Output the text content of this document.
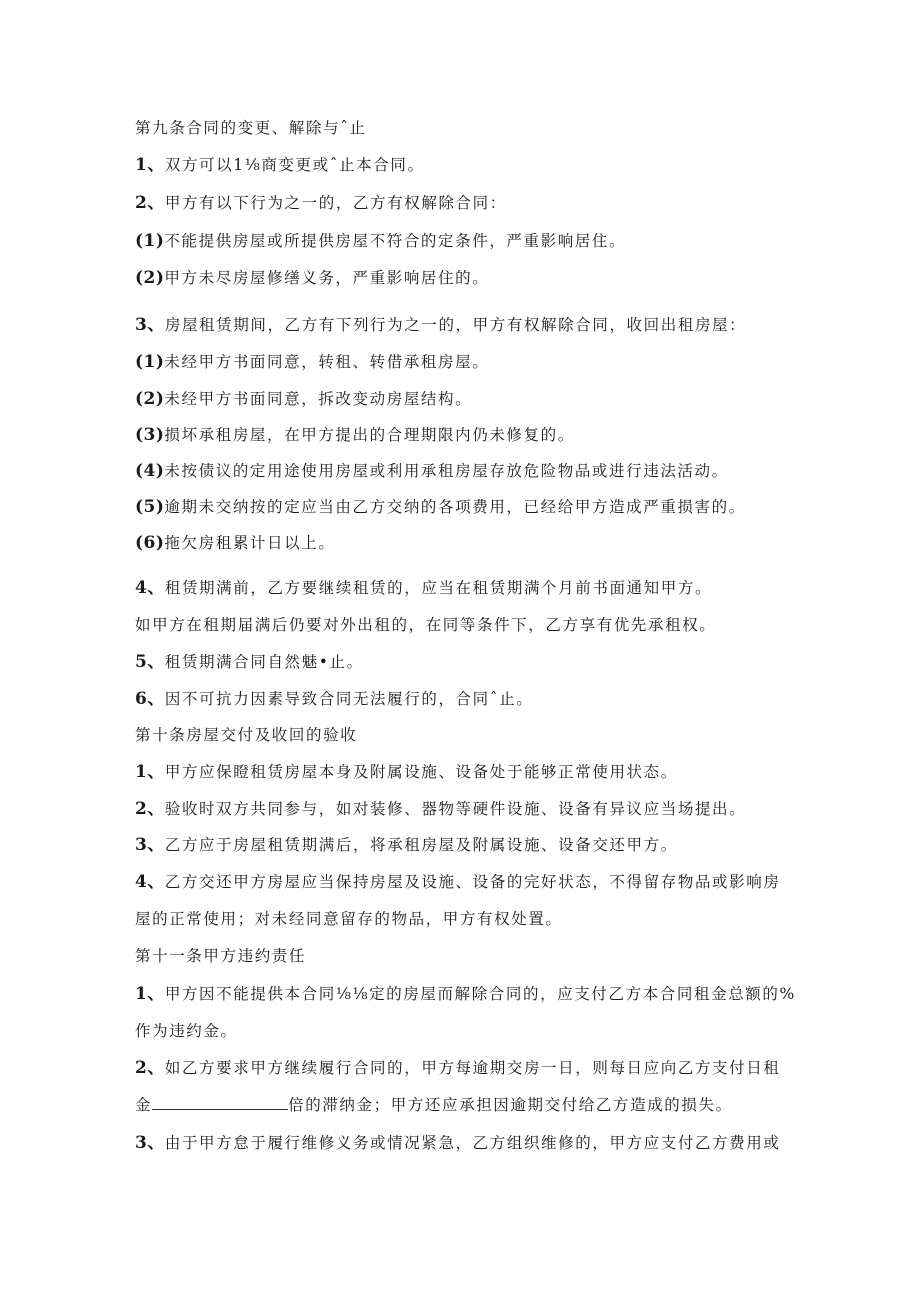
第九条合同的变更、解除与ˆ止
1、双方可以1⅛商变更或ˆ止本合同。
2、甲方有以下行为之一的，乙方有权解除合同：
(1)不能提供房屋或所提供房屋不符合的定条件，严重影响居住。
(2)甲方未尽房屋修缮义务，严重影响居住的。
3、房屋租赁期间，乙方有下列行为之一的，甲方有权解除合同，收回出租房屋：
(1)未经甲方书面同意，转租、转借承租房屋。
(2)未经甲方书面同意，拆改变动房屋结构。
(3)损坏承租房屋，在甲方提出的合理期限内仍未修复的。
(4)未按债议的定用途使用房屋或利用承租房屋存放危险物品或进行违法活动。
(5)逾期未交纳按的定应当由乙方交纳的各项费用，已经给甲方造成严重损害的。
(6)拖欠房租累计日以上。
4、租赁期满前，乙方要继续租赁的，应当在租赁期满个月前书面通知甲方。
如甲方在租期届满后仍要对外出租的，在同等条件下，乙方享有优先承租权。
5、租赁期满合同自然魅•止。
6、因不可抗力因素导致合同无法履行的，合同ˆ止。
第十条房屋交付及收回的验收
1、甲方应保瞪租赁房屋本身及附属设施、设备处于能够正常使用状态。
2、验收时双方共同参与，如对装修、器物等硬件设施、设备有异议应当场提出。
3、乙方应于房屋租赁期满后，将承租房屋及附属设施、设备交还甲方。
4、乙方交还甲方房屋应当保持房屋及设施、设备的完好状态，不得留存物品或影响房
屋的正常使用；对未经同意留存的物品，甲方有权处置。
第十一条甲方违约责任
1、甲方因不能提供本合同⅛⅛定的房屋而解除合同的，应支付乙方本合同租金总额的%
作为违约金。
2、如乙方要求甲方继续履行合同的，甲方每逾期交房一日，则每日应向乙方支付日租
金	倍的滞纳金；甲方还应承担因逾期交付给乙方造成的损失。
3、由于甲方怠于履行维修义务或情况紧急，乙方组织维修的，甲方应支付乙方费用或
